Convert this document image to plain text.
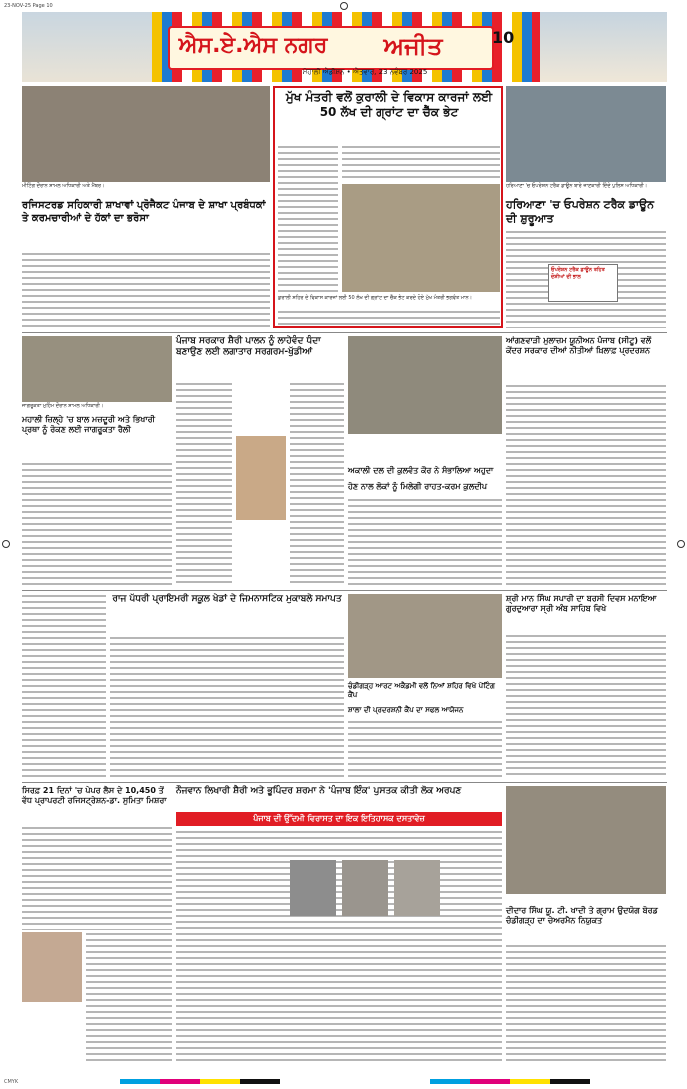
23-NOV-25 Page 10
ਐਸ.ਏ.ਐਸ ਨਗਰ	ਅਜੀਤ	10
ਮੋਹਾਲੀ ਐਡੀਸ਼ਨ • ਐਤਵਾਰ, 23 ਨਵੰਬਰ 2025
ਮੀਟਿੰਗ ਦੌਰਾਨ ਸ਼ਾਮਲ ਅਧਿਕਾਰੀ ਅਤੇ ਮੈਂਬਰ।
ਰਜਿਸਟਰਡ ਸਹਿਕਾਰੀ ਸ਼ਾਖਾਵਾਂ ਪ੍ਰੋਜੈਕਟ ਪੰਜਾਬ ਦੇ ਸ਼ਾਖਾ ਪ੍ਰਬੰਧਕਾਂ ਤੇ ਕਰਮਚਾਰੀਆਂ ਦੇ ਹੱਕਾਂ ਦਾ ਭਰੋਸਾ
ਮੁੱਖ ਮੰਤਰੀ ਵਲੋਂ ਕੁਰਾਲੀ ਦੇ ਵਿਕਾਸ ਕਾਰਜਾਂ ਲਈ 50 ਲੱਖ ਦੀ ਗ੍ਰਾਂਟ ਦਾ ਚੈੱਕ ਭੇਟ
ਕੁਰਾਲੀ ਸ਼ਹਿਰ ਦੇ ਵਿਕਾਸ ਕਾਰਜਾਂ ਲਈ 50 ਲੱਖ ਦੀ ਗ੍ਰਾਂਟ ਦਾ ਚੈੱਕ ਭੇਟ ਕਰਦੇ ਹੋਏ ਮੁੱਖ ਮੰਤਰੀ ਭਗਵੰਤ ਮਾਨ।
ਹਰਿਆਣਾ 'ਚ ਓਪਰੇਸ਼ਨ ਟਰੈਕ ਡਾਊਨ ਬਾਰੇ ਜਾਣਕਾਰੀ ਦਿੰਦੇ ਪੁਲਿਸ ਅਧਿਕਾਰੀ।
ਹਰਿਆਣਾ 'ਚ ਓਪਰੇਸ਼ਨ ਟਰੈਕ ਡਾਊਨ ਦੀ ਸ਼ੁਰੂਆਤ
ਓਪਰੇਸ਼ਨ ਟਰੈਕ ਡਾਊਨ ਤਹਿਤ ਦੋਸ਼ੀਆਂ ਦੀ ਭਾਲ
ਜਾਗਰੂਕਤਾ ਮੁਹਿੰਮ ਦੌਰਾਨ ਸ਼ਾਮਲ ਅਧਿਕਾਰੀ।
ਮਹਾਲੀ ਜ਼ਿਲ੍ਹੇ 'ਚ ਬਾਲ ਮਜ਼ਦੂਰੀ ਅਤੇ ਭਿਖਾਰੀ ਪ੍ਰਥਾ ਨੂੰ ਰੋਕਣ ਲਈ ਜਾਗਰੂਕਤਾ ਰੈਲੀ
ਪੰਜਾਬ ਸਰਕਾਰ ਸ਼ੈਰੀ ਪਾਲਨ ਨੂੰ ਲਾਹੇਵੰਦ ਧੰਦਾ ਬਣਾਉਣ ਲਈ ਲਗਾਤਾਰ ਸਰਗਰਮ-ਖੁੱਡੀਆਂ
ਅਕਾਲੀ ਦਲ ਦੀ ਕੁਲਵੰਤ ਕੌਰ ਨੇ ਸੰਭਾਲਿਆ ਅਹੁਦਾ
ਹੋਣ ਨਾਲ ਲੋਕਾਂ ਨੂੰ ਮਿਲੇਗੀ ਰਾਹਤ-ਕਰਮ ਕੁਲਦੀਪ
ਆਂਗਣਵਾੜੀ ਮੁਲਾਜ਼ਮ ਯੂਨੀਅਨ ਪੰਜਾਬ (ਸੀਟੂ) ਵਲੋਂ ਕੇਂਦਰ ਸਰਕਾਰ ਦੀਆਂ ਨੀਤੀਆਂ ਖ਼ਿਲਾਫ਼ ਪ੍ਰਦਰਸ਼ਨ
ਰਾਜ ਪੱਧਰੀ ਪ੍ਰਾਇਮਰੀ ਸਕੂਲ ਖੇਡਾਂ ਦੇ ਜਿਮਨਾਸਟਿਕ ਮੁਕਾਬਲੇ ਸਮਾਪਤ
ਚੰਡੀਗੜ੍ਹ ਆਰਟ ਅਕੈਡਮੀ ਵਲੋਂ ਨਿਆਂ ਸ਼ਹਿਰ ਵਿਖੇ ਪੇਂਟਿੰਗ ਕੈਂਪ
ਸ਼ਾਲਾ ਦੀ ਪ੍ਰਦਰਸ਼ਨੀ ਕੈਂਪ ਦਾ ਸਫਲ ਆਯੋਜਨ
ਸ਼੍ਰੀ ਮਾਨ ਸਿੰਘ ਸਪਾਰੀ ਦਾ ਬਰਸੀ ਦਿਵਸ ਮਨਾਇਆ ਗੁਰਦੁਆਰਾ ਸ੍ਰੀ ਅੰਬ ਸਾਹਿਬ ਵਿਖੇ
ਸਿਰਫ਼ 21 ਦਿਨਾਂ 'ਚ ਪੇਪਰ ਲੈਸ ਦੇ 10,450 ਤੋਂ ਵੱਧ ਪ੍ਰਾਪਰਟੀ ਰਜਿਸਟ੍ਰੇਸ਼ਨ-ਡਾ. ਸੁਮਿਤਾ ਮਿਸ਼ਰਾ
ਨੌਜਵਾਨ ਲਿਖਾਰੀ ਸ਼ੈਰੀ ਅਤੇ ਭੂਪਿੰਦਰ ਸ਼ਰਮਾ ਨੇ 'ਪੰਜਾਬ ਇੰਕ' ਪੁਸਤਕ ਕੀਤੀ ਲੋਕ ਅਰਪਣ
ਪੰਜਾਬ ਦੀ ਉੱਦਮੀ ਵਿਰਾਸਤ ਦਾ ਇਕ ਇਤਿਹਾਸਕ ਦਸਤਾਵੇਜ਼
ਦੀਦਾਰ ਸਿੰਘ ਯੂ. ਟੀ. ਖਾਦੀ ਤੇ ਗ੍ਰਾਮ ਉਦਯੋਗ ਬੋਰਡ ਚੰਡੀਗੜ੍ਹ ਦਾ ਚੇਅਰਮੈਨ ਨਿਯੁਕਤ
CMYK
